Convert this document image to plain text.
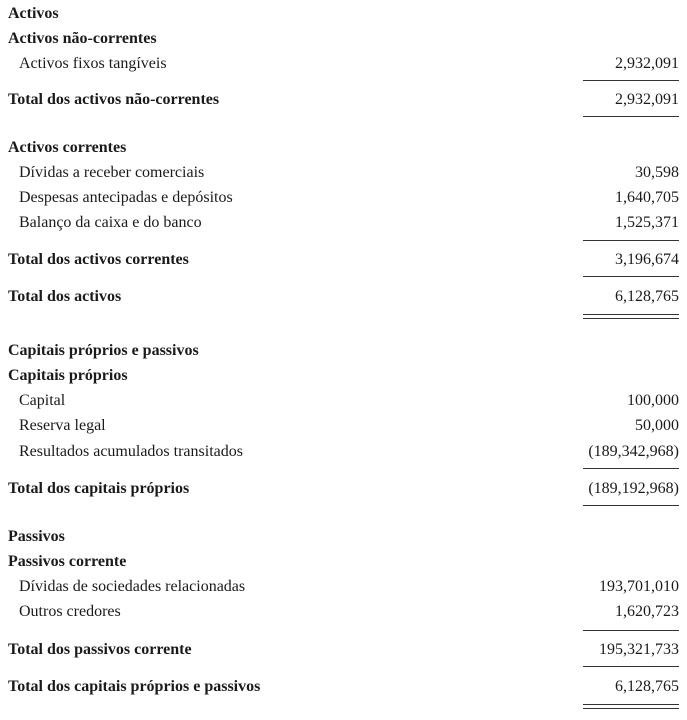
Activos
Activos não-correntes
Activos fixos tangíveis	2,932,091
Total dos activos não-correntes	2,932,091
Activos correntes
Dívidas a receber comerciais	30,598
Despesas antecipadas e depósitos	1,640,705
Balanço da caixa e do banco	1,525,371
Total dos activos correntes	3,196,674
Total dos activos	6,128,765
Capitais próprios e passivos
Capitais próprios
Capital	100,000
Reserva legal	50,000
Resultados acumulados transitados	(189,342,968)
Total dos capitais próprios	(189,192,968)
Passivos
Passivos corrente
Dívidas de sociedades relacionadas	193,701,010
Outros credores	1,620,723
Total dos passivos corrente	195,321,733
Total dos capitais próprios e passivos	6,128,765
